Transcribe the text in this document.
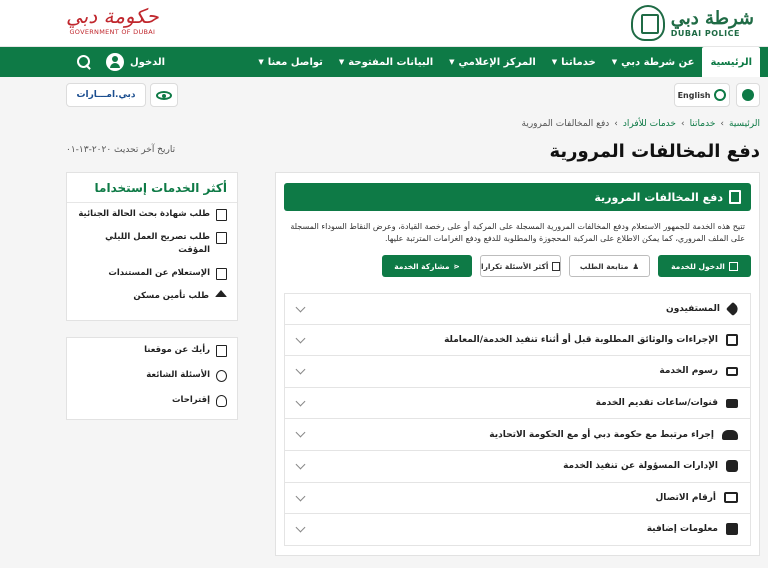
شرطة دبي
DUBAI POLICE
حكومة دبي
GOVERNMENT OF DUBAI
الرئيسية
عن شرطة دبي
▼
خدماتنا
▼
المركز الإعلامي
▼
البيانات المفتوحة
▼
تواصل معنا
▼
الدخول
English
دبي.امـــارات
الرئيسية
›
خدماتنا
›
خدمات للأفراد
›
دفع المخالفات المرورية
تاريخ آخر تحديث ٢٠٢٠-١٣-٠١	دفع المخالفات المرورية
دفع المخالفات المرورية

تتيح هذه الخدمة للجمهور الاستعلام ودفع المخالفات المرورية المسجلة على المركبة أو على رخصة القيادة، وعرض النقاط السوداء المسجلة على الملف المروري، كما يمكن الاطلاع على المركبة المحجوزة والمطلوبة للدفع ودفع الغرامات المترتبة عليها.

الدخول للخدمة
♟
متابعة الطلب
أكثر الأسئلة تكرارا
⋖
مشاركة الخدمة
المستفيدون
الإجراءات والوثائق المطلوبة قبل أو أثناء تنفيذ الخدمة/المعاملة
رسوم الخدمة
قنوات/ساعات تقديم الخدمة
إجراء مرتبط مع حكومة دبي أو مع الحكومة الاتحادية
الإدارات المسؤولة عن تنفيذ الخدمة
أرقام الاتصال
معلومات إضافية
أكثر الخدمات إستخداما
طلب شهادة بحث الحالة الجنائية
طلب تصريح العمل الليلي المؤقت
الإستعلام عن المستندات
طلب تأمين مسكن
رأيك عن موقعنا
الأسئلة الشائعة
إقتراحات
